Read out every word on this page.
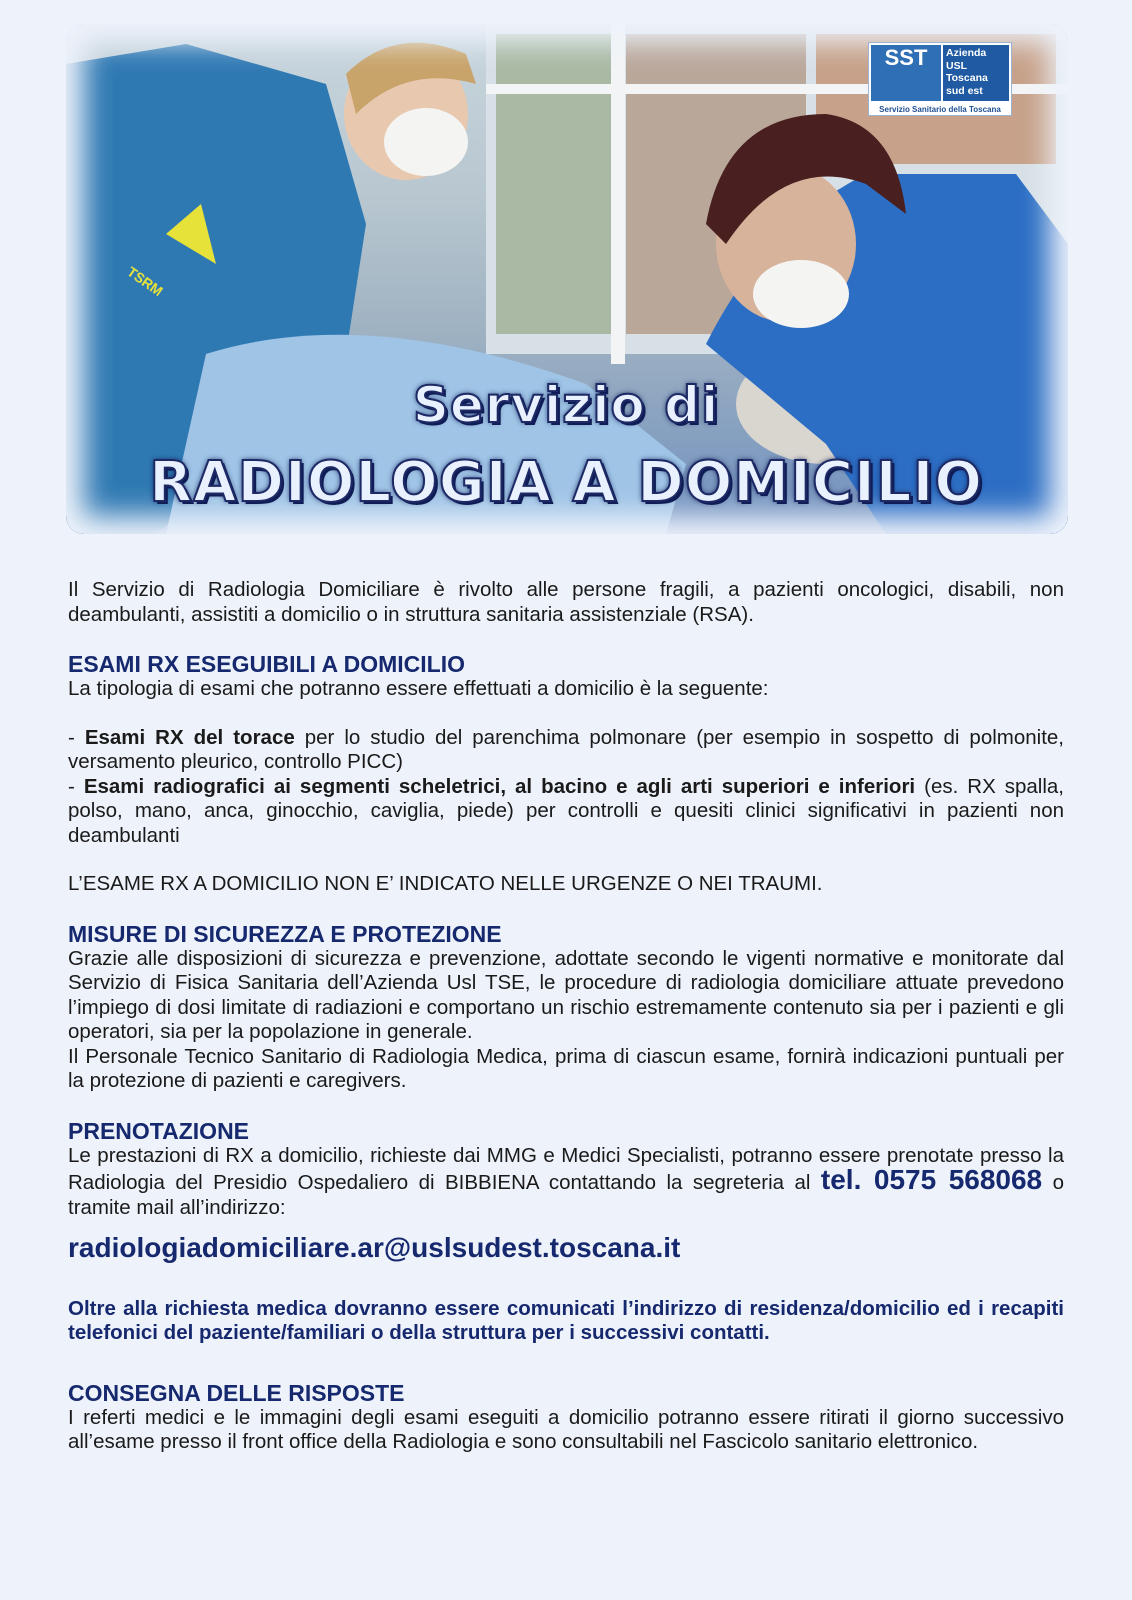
TSRM
SST	Azienda
USL
Toscana
sud est
Servizio Sanitario della Toscana
Servizio di
RADIOLOGIA A DOMICILIO

Il Servizio di Radiologia Domiciliare è rivolto alle persone fragili, a pazienti oncologici, disabili, non deambulanti, assistiti a domicilio o in struttura sanitaria assistenziale (RSA).

ESAMI RX ESEGUIBILI A DOMICILIO

La tipologia di esami che potranno essere effettuati a domicilio è la seguente:

- Esami RX del torace per lo studio del parenchima polmonare (per esempio in sospetto di polmonite, versamento pleurico, controllo PICC)

- Esami radiografici ai segmenti scheletrici, al bacino e agli arti superiori e inferiori (es. RX spalla, polso, mano, anca, ginocchio, caviglia, piede) per controlli e quesiti clinici significativi in pazienti non deambulanti

L’ESAME RX A DOMICILIO NON E’ INDICATO NELLE URGENZE O NEI TRAUMI.

MISURE DI SICUREZZA E PROTEZIONE

Grazie alle disposizioni di sicurezza e prevenzione, adottate secondo le vigenti normative e monitorate dal Servizio di Fisica Sanitaria dell’Azienda Usl TSE, le procedure di radiologia domiciliare attuate prevedono l’impiego di dosi limitate di radiazioni e comportano un rischio estremamente contenuto sia per i pazienti e gli operatori, sia per la popolazione in generale.

Il Personale Tecnico Sanitario di Radiologia Medica, prima di ciascun esame, fornirà indicazioni puntuali per la protezione di pazienti e caregivers.

PRENOTAZIONE

Le prestazioni di RX a domicilio, richieste dai MMG e Medici Specialisti, potranno essere prenotate presso la Radiologia del Presidio Ospedaliero di BIBBIENA contattando la segreteria al tel. 0575 568068 o tramite mail all’indirizzo:

radiologiadomiciliare.ar@uslsudest.toscana.it

Oltre alla richiesta medica dovranno essere comunicati l’indirizzo di residenza/domicilio ed i recapiti telefonici del paziente/familiari o della struttura per i successivi contatti.

CONSEGNA DELLE RISPOSTE

I referti medici e le immagini degli esami eseguiti a domicilio potranno essere ritirati il giorno successivo all’esame presso il front office della Radiologia e sono consultabili nel Fascicolo sanitario elettronico.
